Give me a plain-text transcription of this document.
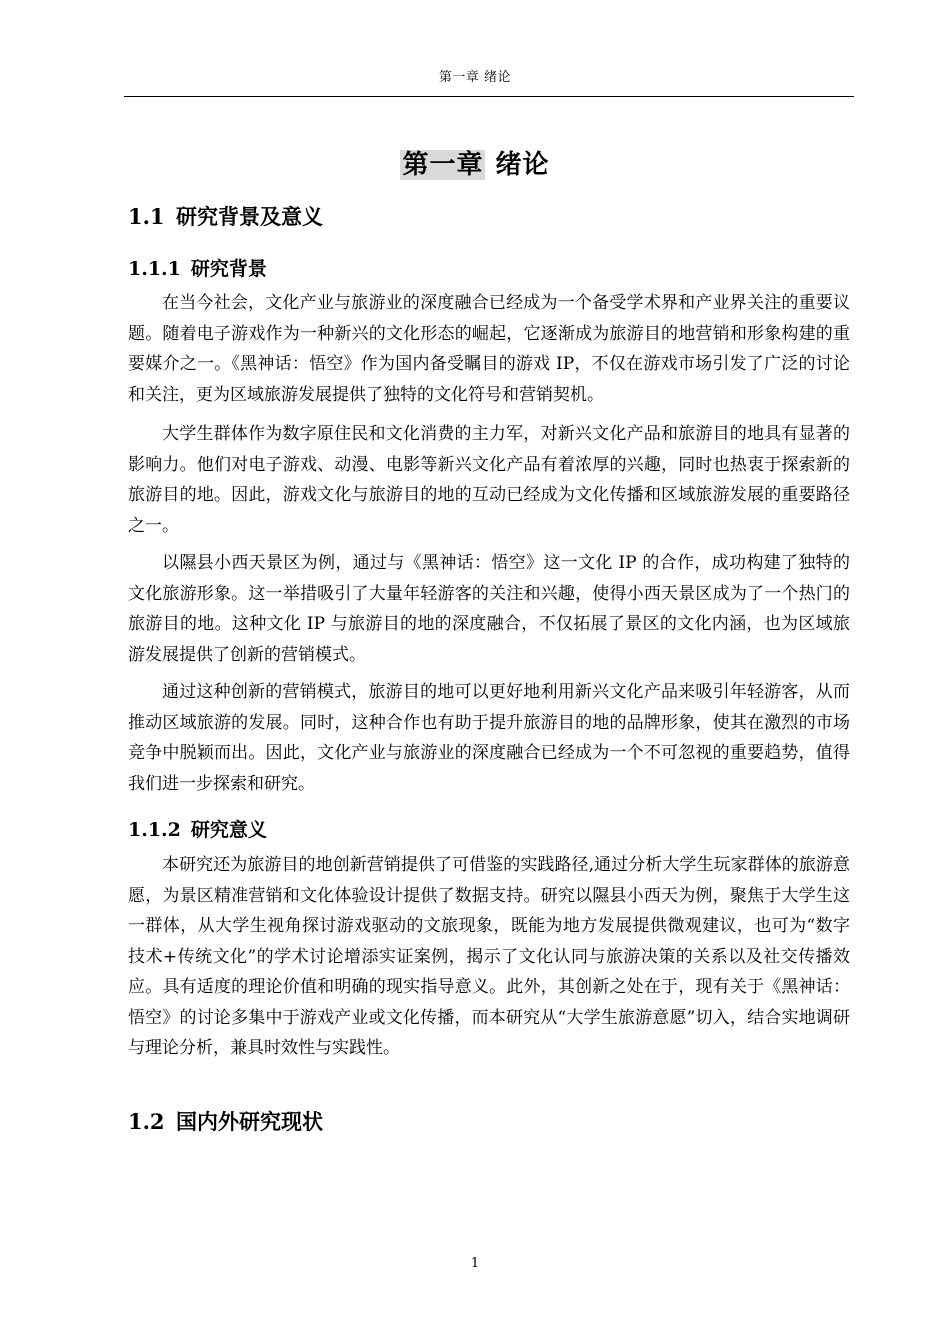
第一章 绪论
第一章 绪论
1.1 研究背景及意义
1.1.1 研究背景

在当今社会，文化产业与旅游业的深度融合已经成为一个备受学术界和产业界关注的重要议题。随着电子游戏作为一种新兴的文化形态的崛起，它逐渐成为旅游目的地营销和形象构建的重要媒介之一。《黑神话：悟空》作为国内备受瞩目的游戏 IP，不仅在游戏市场引发了广泛的讨论和关注，更为区域旅游发展提供了独特的文化符号和营销契机。

大学生群体作为数字原住民和文化消费的主力军，对新兴文化产品和旅游目的地具有显著的影响力。他们对电子游戏、动漫、电影等新兴文化产品有着浓厚的兴趣，同时也热衷于探索新的旅游目的地。因此，游戏文化与旅游目的地的互动已经成为文化传播和区域旅游发展的重要路径之一。

以隰县小西天景区为例，通过与《黑神话：悟空》这一文化 IP 的合作，成功构建了独特的文化旅游形象。这一举措吸引了大量年轻游客的关注和兴趣，使得小西天景区成为了一个热门的旅游目的地。这种文化 IP 与旅游目的地的深度融合，不仅拓展了景区的文化内涵，也为区域旅游发展提供了创新的营销模式。

通过这种创新的营销模式，旅游目的地可以更好地利用新兴文化产品来吸引年轻游客，从而推动区域旅游的发展。同时，这种合作也有助于提升旅游目的地的品牌形象，使其在激烈的市场竞争中脱颖而出。因此，文化产业与旅游业的深度融合已经成为一个不可忽视的重要趋势，值得我们进一步探索和研究。

1.1.2 研究意义

本研究还为旅游目的地创新营销提供了可借鉴的实践路径,通过分析大学生玩家群体的旅游意愿，为景区精准营销和文化体验设计提供了数据支持。研究以隰县小西天为例，聚焦于大学生这一群体，从大学生视角探讨游戏驱动的文旅现象，既能为地方发展提供微观建议，也可为“数字技术+传统文化”的学术讨论增添实证案例，揭示了文化认同与旅游决策的关系以及社交传播效应。具有适度的理论价值和明确的现实指导意义。此外，其创新之处在于，现有关于《黑神话：悟空》的讨论多集中于游戏产业或文化传播，而本研究从“大学生旅游意愿”切入，结合实地调研与理论分析，兼具时效性与实践性。

1.2 国内外研究现状
1
